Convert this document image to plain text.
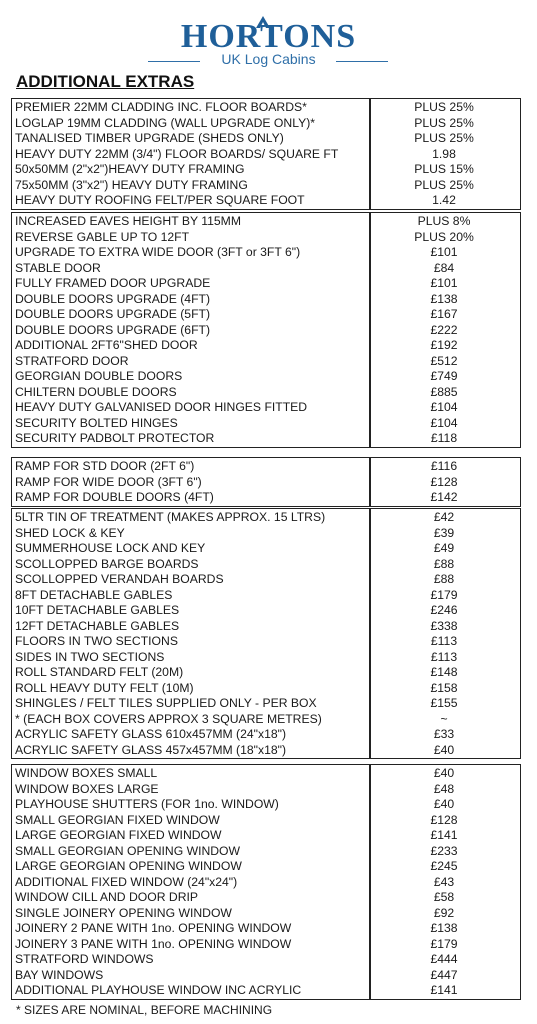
HORTONS
UK Log Cabins
ADDITIONAL EXTRAS
PREMIER 22MM CLADDING INC. FLOOR BOARDS*	PLUS 25%
LOGLAP 19MM CLADDING (WALL UPGRADE ONLY)*	PLUS 25%
TANALISED TIMBER UPGRADE (SHEDS ONLY)	PLUS 25%
HEAVY DUTY 22MM (3/4") FLOOR BOARDS/ SQUARE FT	1.98
50x50MM (2"x2")HEAVY DUTY FRAMING	PLUS 15%
75x50MM (3"x2") HEAVY DUTY FRAMING	PLUS 25%
HEAVY DUTY ROOFING FELT/PER SQUARE FOOT	1.42
INCREASED EAVES HEIGHT BY 115MM	PLUS 8%
REVERSE GABLE UP TO 12FT	PLUS 20%
UPGRADE TO EXTRA WIDE DOOR (3FT or 3FT 6")	£101
STABLE DOOR	£84
FULLY FRAMED DOOR UPGRADE	£101
DOUBLE DOORS UPGRADE (4FT)	£138
DOUBLE DOORS UPGRADE (5FT)	£167
DOUBLE DOORS UPGRADE (6FT)	£222
ADDITIONAL 2FT6"SHED DOOR	£192
STRATFORD DOOR	£512
GEORGIAN DOUBLE DOORS	£749
CHILTERN DOUBLE DOORS	£885
HEAVY DUTY GALVANISED DOOR HINGES FITTED	£104
SECURITY BOLTED HINGES	£104
SECURITY PADBOLT PROTECTOR	£118
RAMP FOR STD DOOR (2FT 6")	£116
RAMP FOR WIDE DOOR (3FT 6")	£128
RAMP FOR DOUBLE DOORS (4FT)	£142
5LTR TIN OF TREATMENT (MAKES APPROX. 15 LTRS)	£42
SHED LOCK & KEY	£39
SUMMERHOUSE LOCK AND KEY	£49
SCOLLOPPED BARGE BOARDS	£88
SCOLLOPPED VERANDAH BOARDS	£88
8FT DETACHABLE GABLES	£179
10FT DETACHABLE GABLES	£246
12FT DETACHABLE GABLES	£338
FLOORS IN TWO SECTIONS	£113
SIDES IN TWO SECTIONS	£113
ROLL STANDARD FELT (20M)	£148
ROLL HEAVY DUTY FELT (10M)	£158
SHINGLES / FELT TILES SUPPLIED ONLY - PER BOX	£155
* (EACH BOX COVERS APPROX 3 SQUARE METRES)	~
ACRYLIC SAFETY GLASS 610x457MM (24"x18")	£33
ACRYLIC SAFETY GLASS 457x457MM (18"x18")	£40
WINDOW BOXES SMALL	£40
WINDOW BOXES LARGE	£48
PLAYHOUSE SHUTTERS (FOR 1no. WINDOW)	£40
SMALL GEORGIAN FIXED WINDOW	£128
LARGE GEORGIAN FIXED WINDOW	£141
SMALL GEORGIAN OPENING WINDOW	£233
LARGE GEORGIAN OPENING WINDOW	£245
ADDITIONAL FIXED WINDOW (24"x24")	£43
WINDOW CILL AND DOOR DRIP	£58
SINGLE JOINERY OPENING WINDOW	£92
JOINERY 2 PANE WITH 1no. OPENING WINDOW	£138
JOINERY 3 PANE WITH 1no. OPENING WINDOW	£179
STRATFORD WINDOWS	£444
BAY WINDOWS	£447
ADDITIONAL PLAYHOUSE WINDOW INC ACRYLIC	£141
* SIZES ARE NOMINAL, BEFORE MACHINING
